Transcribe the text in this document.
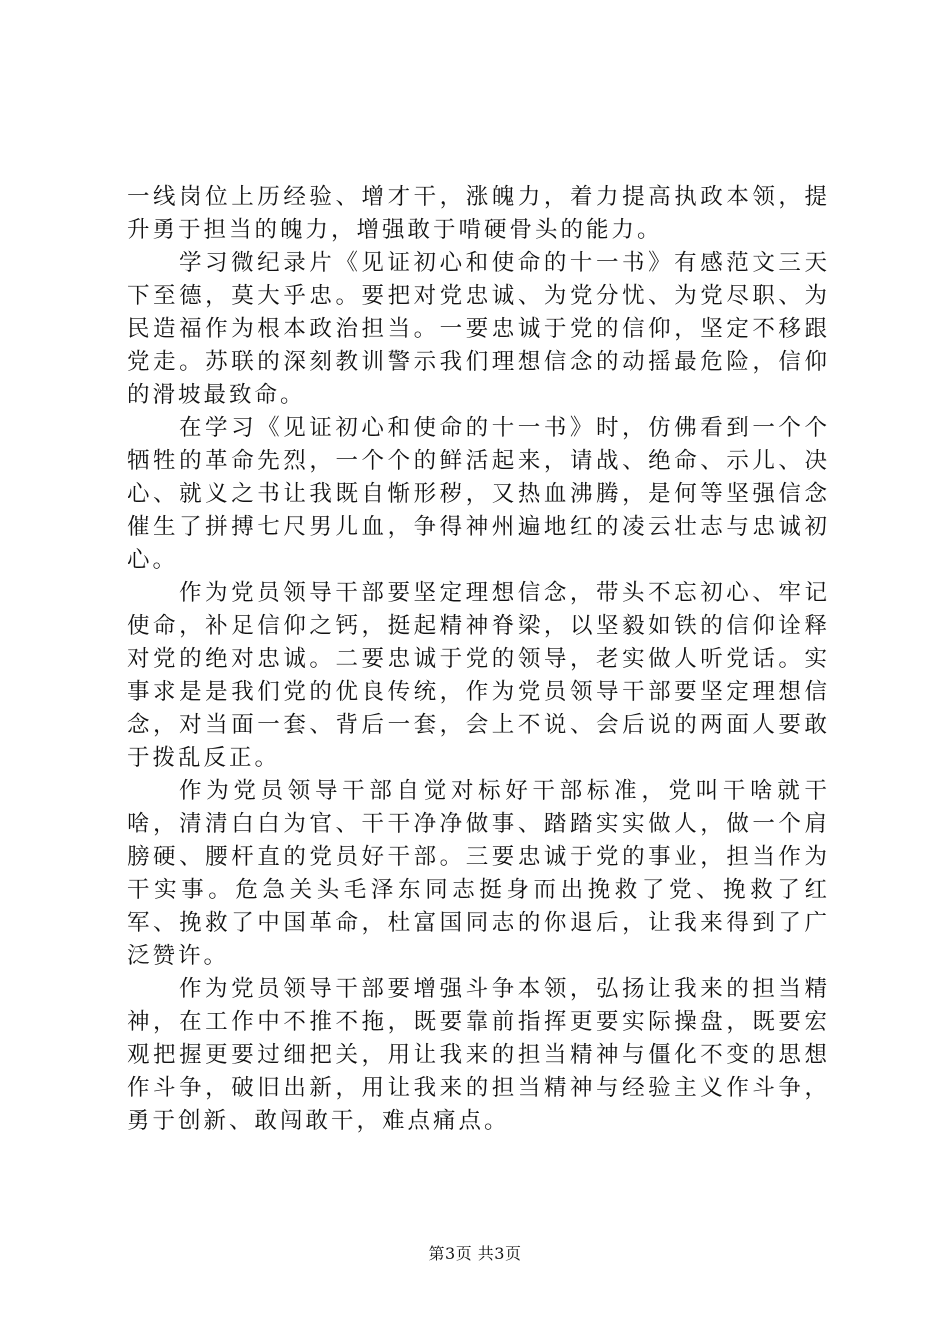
一线岗位上历经验、增才干，涨魄力，着力提高执政本领，提升勇于担当的魄力，增强敢于啃硬骨头的能力。

学习微纪录片《见证初心和使命的十一书》有感范文三天下至德，莫大乎忠。要把对党忠诚、为党分忧、为党尽职、为民造福作为根本政治担当。一要忠诚于党的信仰，坚定不移跟党走。苏联的深刻教训警示我们理想信念的动摇最危险，信仰的滑坡最致命。

在学习《见证初心和使命的十一书》时，仿佛看到一个个牺牲的革命先烈，一个个的鲜活起来，请战、绝命、示儿、决心、就义之书让我既自惭形秽，又热血沸腾，是何等坚强信念催生了拼搏七尺男儿血，争得神州遍地红的凌云壮志与忠诚初心。

作为党员领导干部要坚定理想信念，带头不忘初心、牢记使命，补足信仰之钙，挺起精神脊梁，以坚毅如铁的信仰诠释对党的绝对忠诚。二要忠诚于党的领导，老实做人听党话。实事求是是我们党的优良传统，作为党员领导干部要坚定理想信念，对当面一套、背后一套，会上不说、会后说的两面人要敢于拨乱反正。

作为党员领导干部自觉对标好干部标准，党叫干啥就干啥，清清白白为官、干干净净做事、踏踏实实做人，做一个肩膀硬、腰杆直的党员好干部。三要忠诚于党的事业，担当作为干实事。危急关头毛泽东同志挺身而出挽救了党、挽救了红军、挽救了中国革命，杜富国同志的你退后，让我来得到了广泛赞许。

作为党员领导干部要增强斗争本领，弘扬让我来的担当精神，在工作中不推不拖，既要靠前指挥更要实际操盘，既要宏观把握更要过细把关，用让我来的担当精神与僵化不变的思想作斗争，破旧出新，用让我来的担当精神与经验主义作斗争，勇于创新、敢闯敢干，难点痛点。

第3页 共3页
